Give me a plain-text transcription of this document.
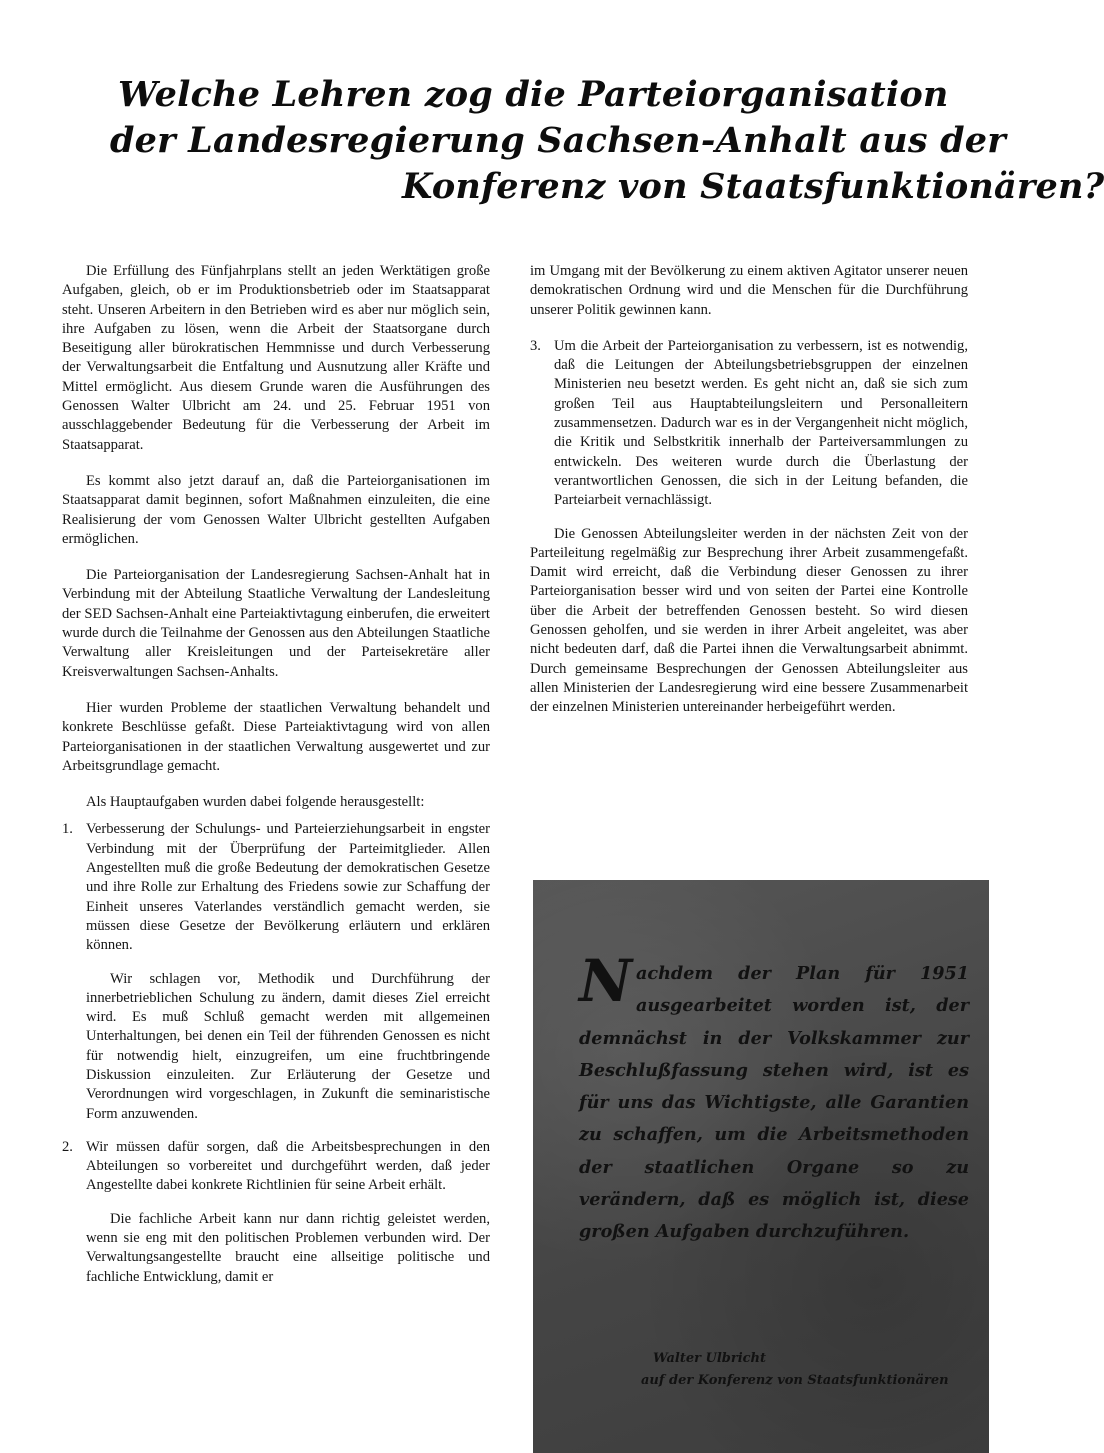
Welche Lehren zog die Parteiorganisation
der Landesregierung Sachsen-Anhalt aus der
Konferenz von Staatsfunktionären?

Die Erfüllung des Fünfjahrplans stellt an jeden Werktätigen große Aufgaben, gleich, ob er im Produktionsbetrieb oder im Staatsapparat steht. Unseren Arbeitern in den Betrieben wird es aber nur möglich sein, ihre Aufgaben zu lösen, wenn die Arbeit der Staatsorgane durch Beseitigung aller bürokratischen Hemmnisse und durch Verbesserung der Verwaltungsarbeit die Entfaltung und Ausnutzung aller Kräfte und Mittel ermöglicht. Aus diesem Grunde waren die Ausführungen des Genossen Walter Ulbricht am 24. und 25. Februar 1951 von ausschlaggebender Bedeutung für die Verbesserung der Arbeit im Staatsapparat.

Es kommt also jetzt darauf an, daß die Parteiorganisationen im Staatsapparat damit beginnen, sofort Maßnahmen einzuleiten, die eine Realisierung der vom Genossen Walter Ulbricht gestellten Aufgaben ermöglichen.

Die Parteiorganisation der Landesregierung Sachsen-Anhalt hat in Verbindung mit der Abteilung Staatliche Verwaltung der Landesleitung der SED Sachsen-Anhalt eine Parteiaktivtagung einberufen, die erweitert wurde durch die Teilnahme der Genossen aus den Abteilungen Staatliche Verwaltung aller Kreisleitungen und der Parteisekretäre aller Kreisverwaltungen Sachsen-Anhalts.

Hier wurden Probleme der staatlichen Verwaltung behandelt und konkrete Beschlüsse gefaßt. Diese Parteiaktivtagung wird von allen Parteiorganisationen in der staatlichen Verwaltung ausgewertet und zur Arbeitsgrundlage gemacht.

Als Hauptaufgaben wurden dabei folgende herausgestellt:

1. Verbesserung der Schulungs- und Parteierziehungsarbeit in engster Verbindung mit der Überprüfung der Parteimitglieder. Allen Angestellten muß die große Bedeutung der demokratischen Gesetze und ihre Rolle zur Erhaltung des Friedens sowie zur Schaffung der Einheit unseres Vaterlandes verständlich gemacht werden, sie müssen diese Gesetze der Bevölkerung erläutern und erklären können.

Wir schlagen vor, Methodik und Durchführung der innerbetrieblichen Schulung zu ändern, damit dieses Ziel erreicht wird. Es muß Schluß gemacht werden mit allgemeinen Unterhaltungen, bei denen ein Teil der führenden Genossen es nicht für notwendig hielt, einzugreifen, um eine fruchtbringende Diskussion einzuleiten. Zur Erläuterung der Gesetze und Verordnungen wird vorgeschlagen, in Zukunft die seminaristische Form anzuwenden.

2. Wir müssen dafür sorgen, daß die Arbeitsbesprechungen in den Abteilungen so vorbereitet und durchgeführt werden, daß jeder Angestellte dabei konkrete Richtlinien für seine Arbeit erhält.

Die fachliche Arbeit kann nur dann richtig geleistet werden, wenn sie eng mit den politischen Problemen verbunden wird. Der Verwaltungsangestellte braucht eine allseitige politische und fachliche Entwicklung, damit er

im Umgang mit der Bevölkerung zu einem aktiven Agitator unserer neuen demokratischen Ordnung wird und die Menschen für die Durchführung unserer Politik gewinnen kann.

3. Um die Arbeit der Parteiorganisation zu verbessern, ist es notwendig, daß die Leitungen der Abteilungsbetriebsgruppen der einzelnen Ministerien neu besetzt werden. Es geht nicht an, daß sie sich zum großen Teil aus Hauptabteilungsleitern und Personalleitern zusammensetzen. Dadurch war es in der Vergangenheit nicht möglich, die Kritik und Selbstkritik innerhalb der Parteiversammlungen zu entwickeln. Des weiteren wurde durch die Überlastung der verantwortlichen Genossen, die sich in der Leitung befanden, die Parteiarbeit vernachlässigt.

Die Genossen Abteilungsleiter werden in der nächsten Zeit von der Parteileitung regelmäßig zur Besprechung ihrer Arbeit zusammengefaßt. Damit wird erreicht, daß die Verbindung dieser Genossen zu ihrer Parteiorganisation besser wird und von seiten der Partei eine Kontrolle über die Arbeit der betreffenden Genossen besteht. So wird diesen Genossen geholfen, und sie werden in ihrer Arbeit angeleitet, was aber nicht bedeuten darf, daß die Partei ihnen die Verwaltungsarbeit abnimmt. Durch gemeinsame Besprechungen der Genossen Abteilungsleiter aus allen Ministerien der Landesregierung wird eine bessere Zusammenarbeit der einzelnen Ministerien untereinander herbeigeführt werden.

Nachdem der Plan für 1951 ausgearbeitet worden ist, der demnächst in der Volkskammer zur Beschlußfassung stehen wird, ist es für uns das Wichtigste, alle Garantien zu schaffen, um die Arbeitsmethoden der staatlichen Organe so zu verändern, daß es möglich ist, diese großen Aufgaben durchzuführen.
Walter Ulbricht
auf der Konferenz von Staatsfunktionären
